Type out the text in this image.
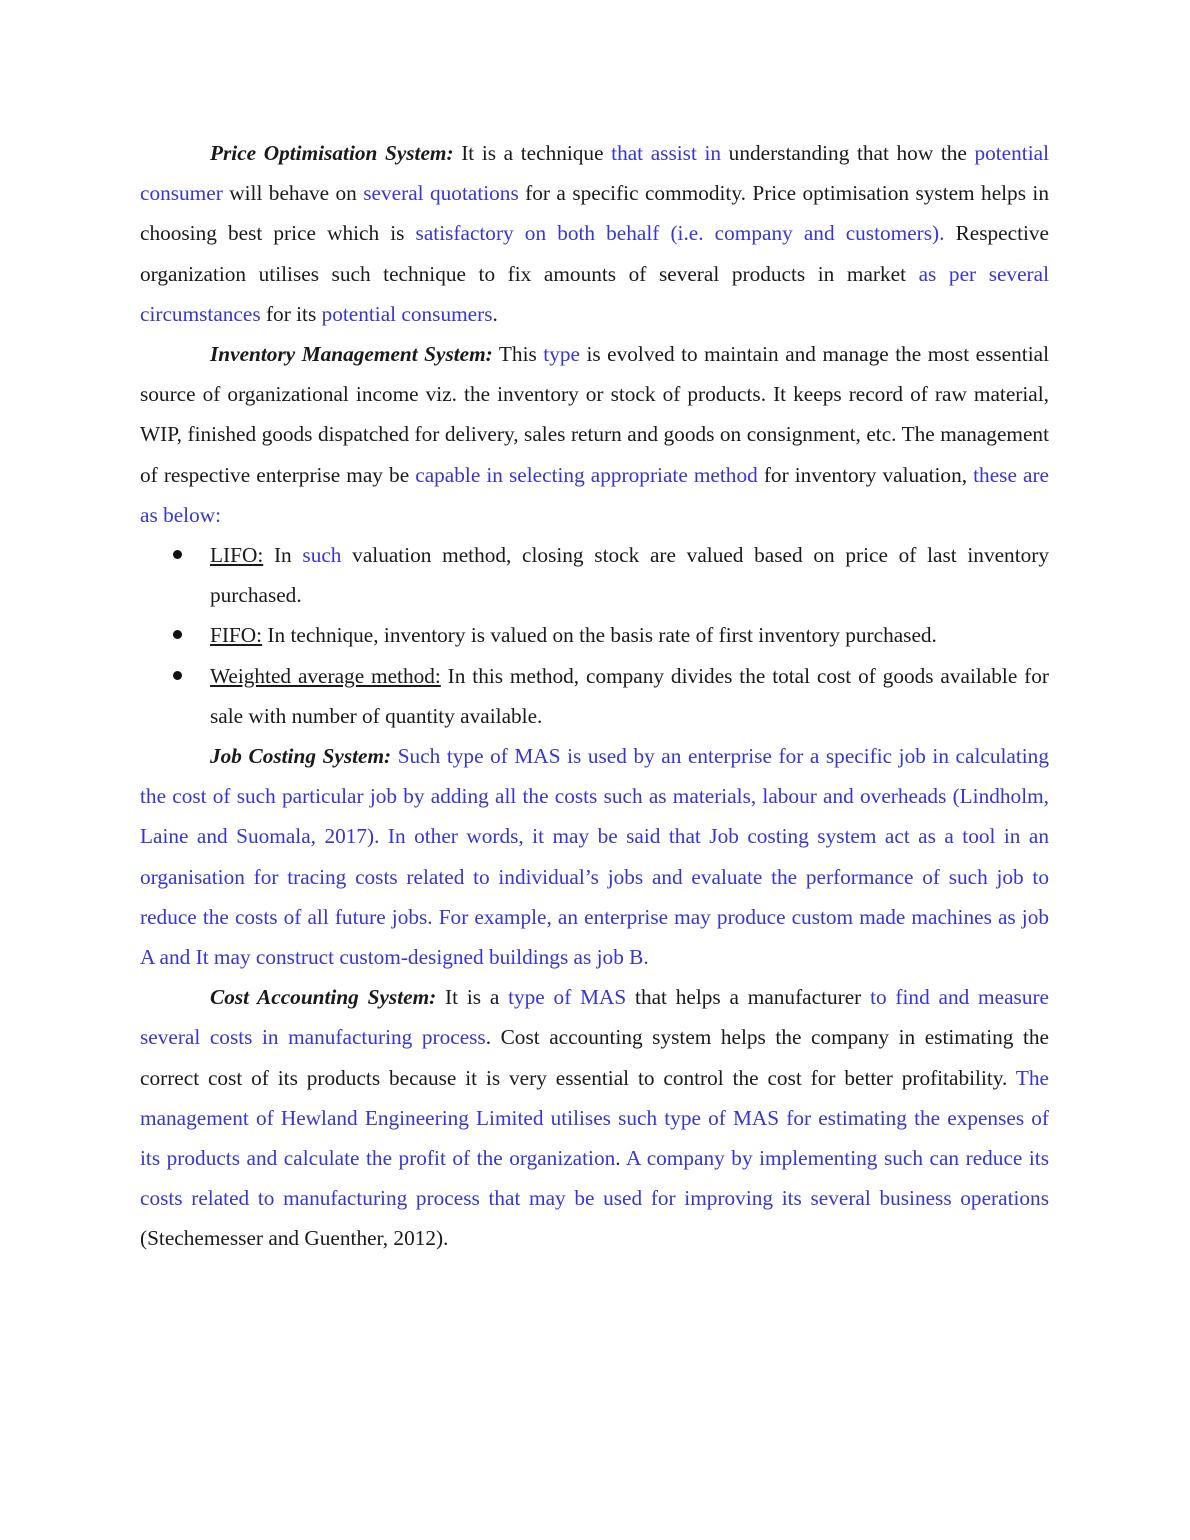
Price Optimisation System: It is a technique that assist in understanding that how the potential consumer will behave on several quotations for a specific commodity. Price optimisation system helps in choosing best price which is satisfactory on both behalf (i.e. company and customers). Respective organization utilises such technique to fix amounts of several products in market as per several circumstances for its potential consumers.

Inventory Management System: This type is evolved to maintain and manage the most essential source of organizational income viz. the inventory or stock of products. It keeps record of raw material, WIP, finished goods dispatched for delivery, sales return and goods on consignment, etc. The management of respective enterprise may be capable in selecting appropriate method for inventory valuation, these are as below:

LIFO: In such valuation method, closing stock are valued based on price of last inventory purchased.
FIFO: In technique, inventory is valued on the basis rate of first inventory purchased.
Weighted average method: In this method, company divides the total cost of goods available for sale with number of quantity available.

Job Costing System: Such type of MAS is used by an enterprise for a specific job in calculating the cost of such particular job by adding all the costs such as materials, labour and overheads (Lindholm, Laine and Suomala, 2017). In other words, it may be said that Job costing system act as a tool in an organisation for tracing costs related to individual’s jobs and evaluate the performance of such job to reduce the costs of all future jobs. For example, an enterprise may produce custom made machines as job A and It may construct custom-designed buildings as job B.

Cost Accounting System: It is a type of MAS that helps a manufacturer to find and measure several costs in manufacturing process. Cost accounting system helps the company in estimating the correct cost of its products because it is very essential to control the cost for better profitability. The management of Hewland Engineering Limited utilises such type of MAS for estimating the expenses of its products and calculate the profit of the organization. A company by implementing such can reduce its costs related to manufacturing process that may be used for improving its several business operations (Stechemesser and Guenther, 2012).
